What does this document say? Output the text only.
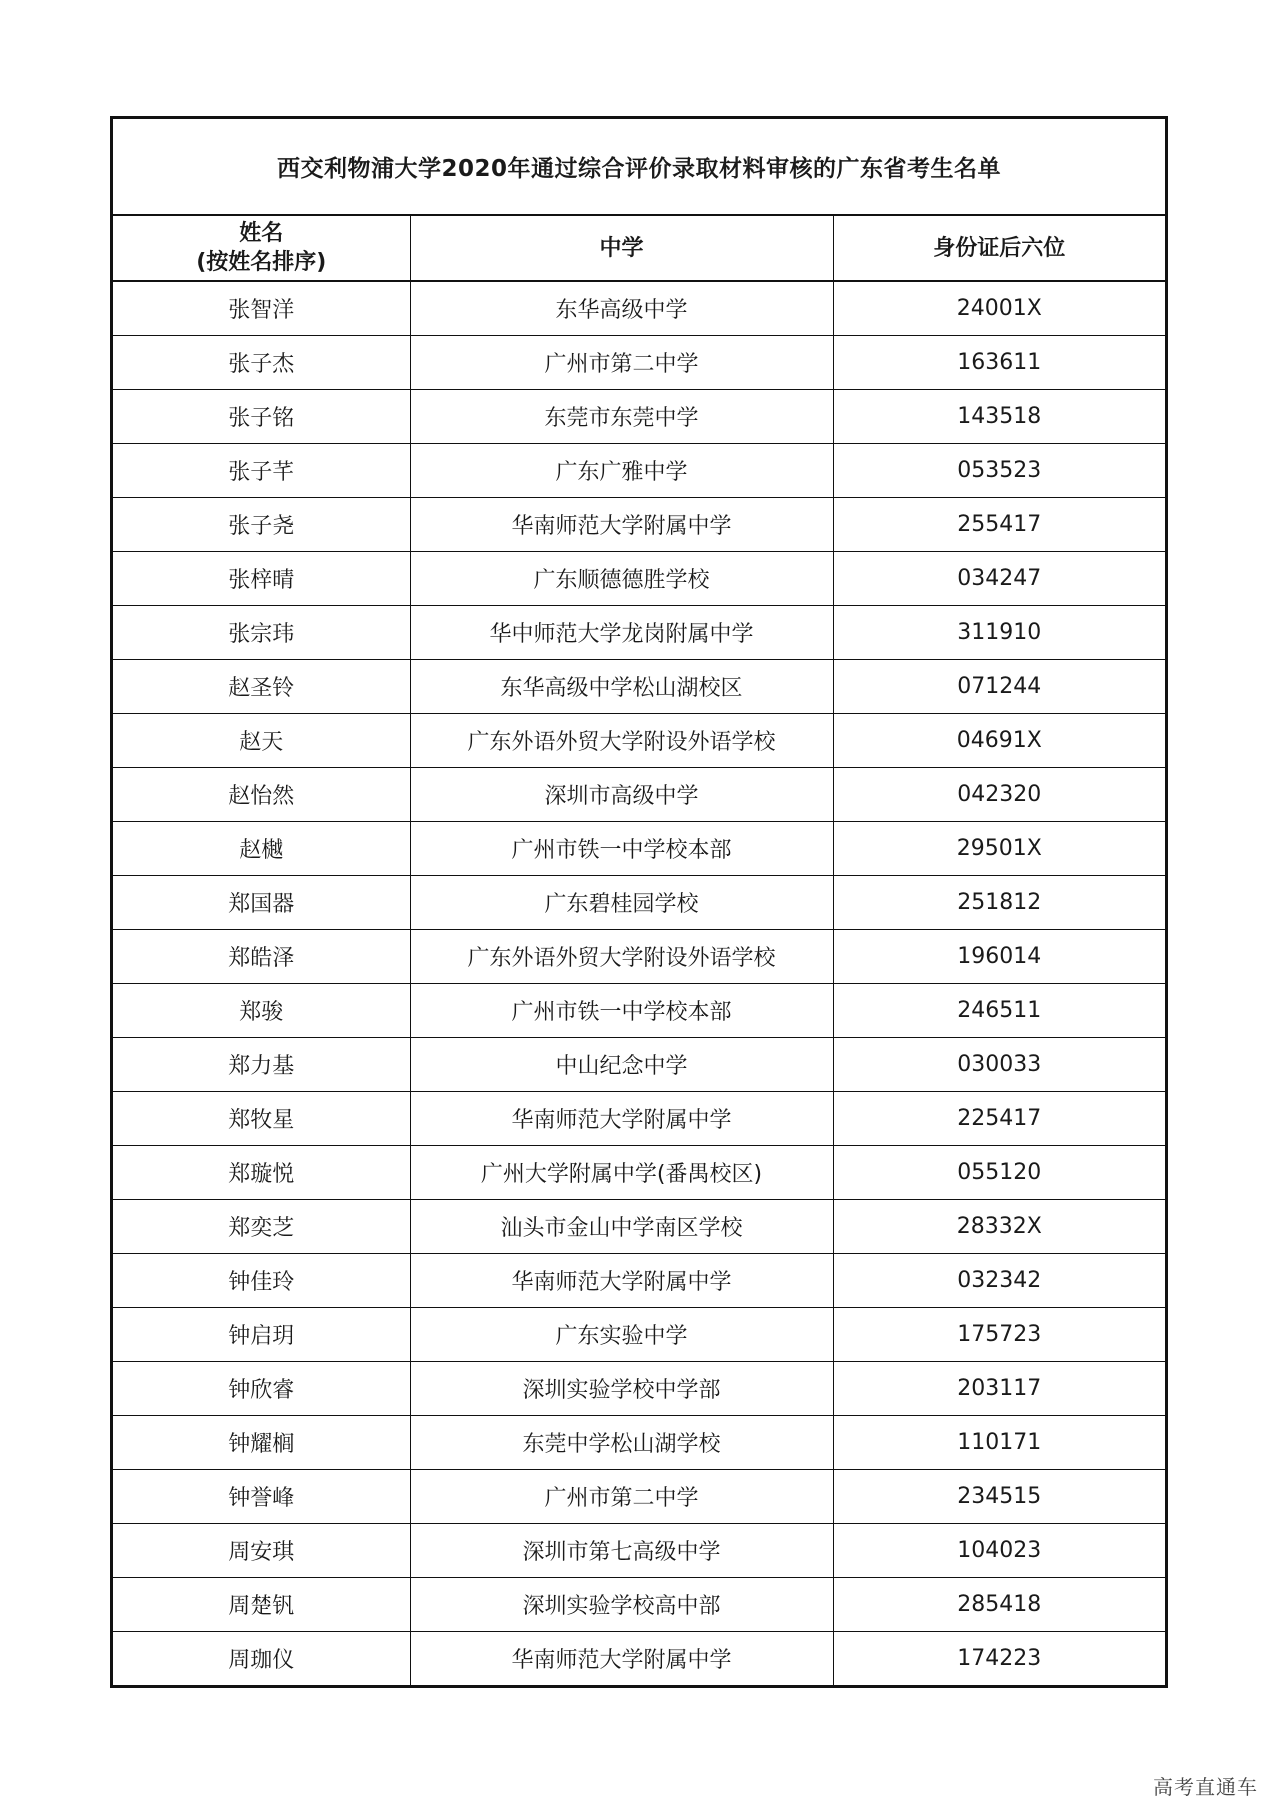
西交利物浦大学2020年通过综合评价录取材料审核的广东省考生名单
姓名
(按姓名排序)	中学	身份证后六位
张智洋	东华高级中学	24001X
张子杰	广州市第二中学	163611
张子铭	东莞市东莞中学	143518
张子芊	广东广雅中学	053523
张子尧	华南师范大学附属中学	255417
张梓晴	广东顺德德胜学校	034247
张宗玮	华中师范大学龙岗附属中学	311910
赵圣铃	东华高级中学松山湖校区	071244
赵天	广东外语外贸大学附设外语学校	04691X
赵怡然	深圳市高级中学	042320
赵樾	广州市铁一中学校本部	29501X
郑国器	广东碧桂园学校	251812
郑皓泽	广东外语外贸大学附设外语学校	196014
郑骏	广州市铁一中学校本部	246511
郑力基	中山纪念中学	030033
郑牧星	华南师范大学附属中学	225417
郑璇悦	广州大学附属中学(番禺校区)	055120
郑奕芝	汕头市金山中学南区学校	28332X
钟佳玲	华南师范大学附属中学	032342
钟启玥	广东实验中学	175723
钟欣睿	深圳实验学校中学部	203117
钟耀榈	东莞中学松山湖学校	110171
钟誉峰	广州市第二中学	234515
周安琪	深圳市第七高级中学	104023
周楚钒	深圳实验学校高中部	285418
周珈仪	华南师范大学附属中学	174223
高考直通车
